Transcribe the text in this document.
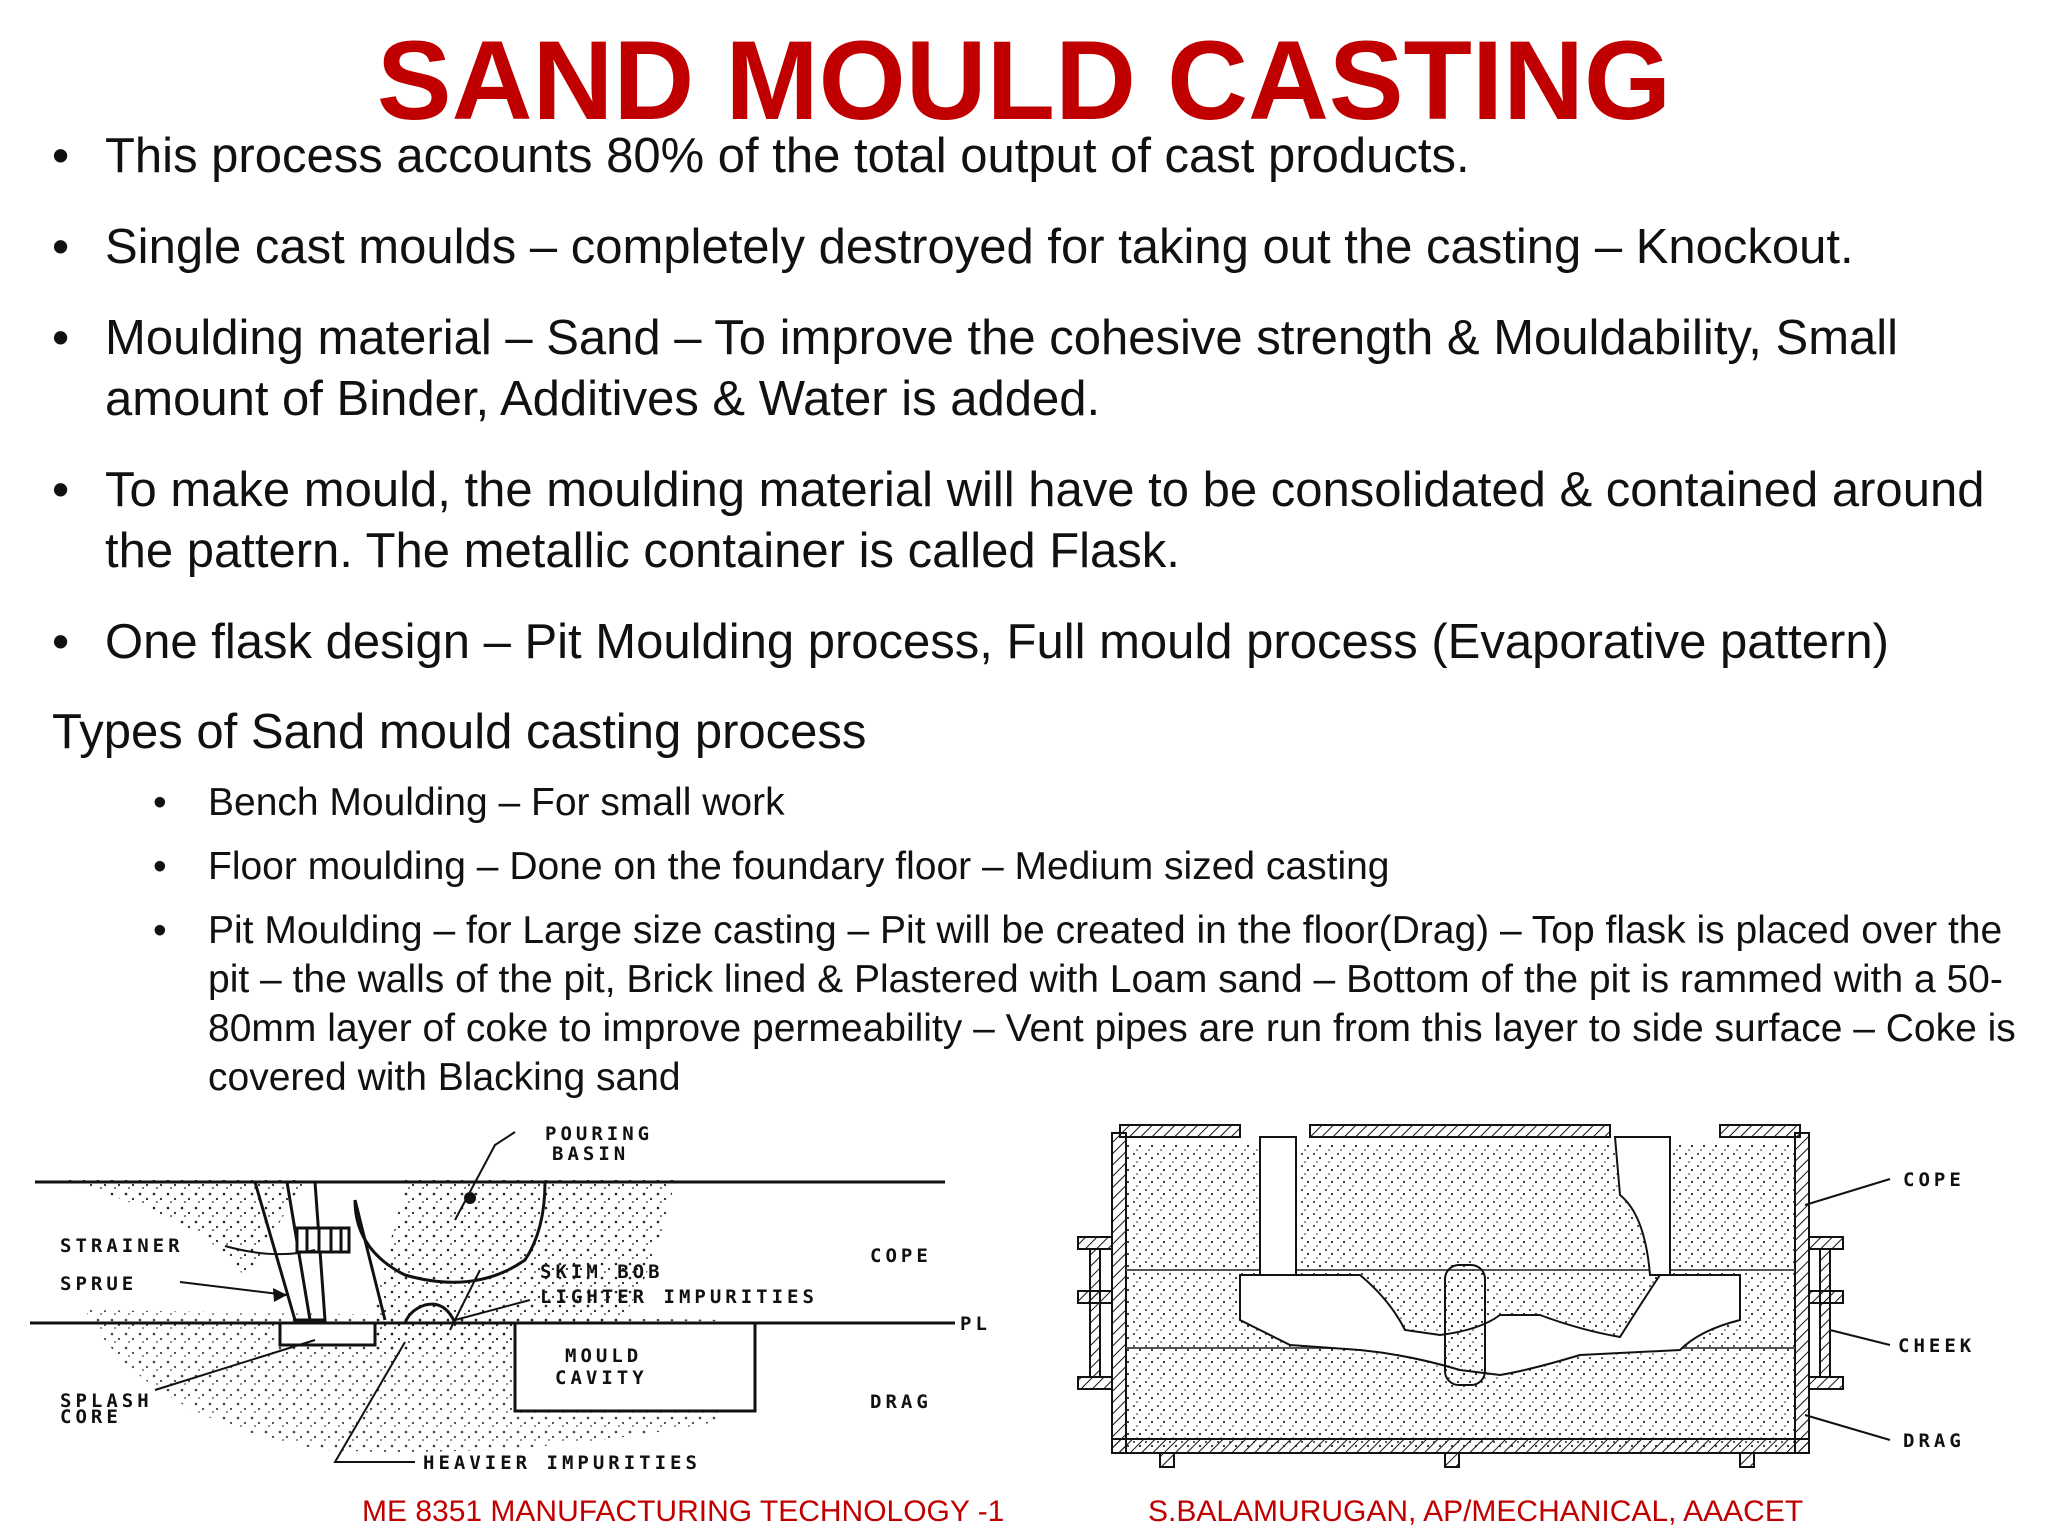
SAND MOULD CASTING
• This process accounts 80% of the total output of cast products.
• Single cast moulds – completely destroyed for taking out the casting – Knockout.
• Moulding material – Sand – To improve the cohesive strength & Mouldability, Small amount of Binder, Additives & Water is added.
• To make mould, the moulding material will have to be consolidated & contained around the pattern. The metallic container is called Flask.
• One flask design – Pit Moulding process, Full mould process (Evaporative pattern)

Types of Sand mould casting process

• Bench Moulding – For small work
• Floor moulding – Done on the foundary floor – Medium sized casting
• Pit Moulding – for Large size casting – Pit will be created in the floor(Drag) – Top flask is placed over the pit – the walls of the pit, Brick lined & Plastered with Loam sand – Bottom of the pit is rammed with a 50-80mm layer of coke to improve permeability – Vent pipes are run from this layer to side surface – Coke is covered with Blacking sand
POURING
BASIN
STRAINER
SPRUE
SKIM BOB
LIGHTER IMPURITIES
COPE
PL
MOULD
CAVITY
SPLASH
CORE
DRAG
HEAVIER IMPURITIES
COPE
CHEEK
DRAG
ME 8351 MANUFACTURING TECHNOLOGY -1	S.BALAMURUGAN, AP/MECHANICAL, AAACET
